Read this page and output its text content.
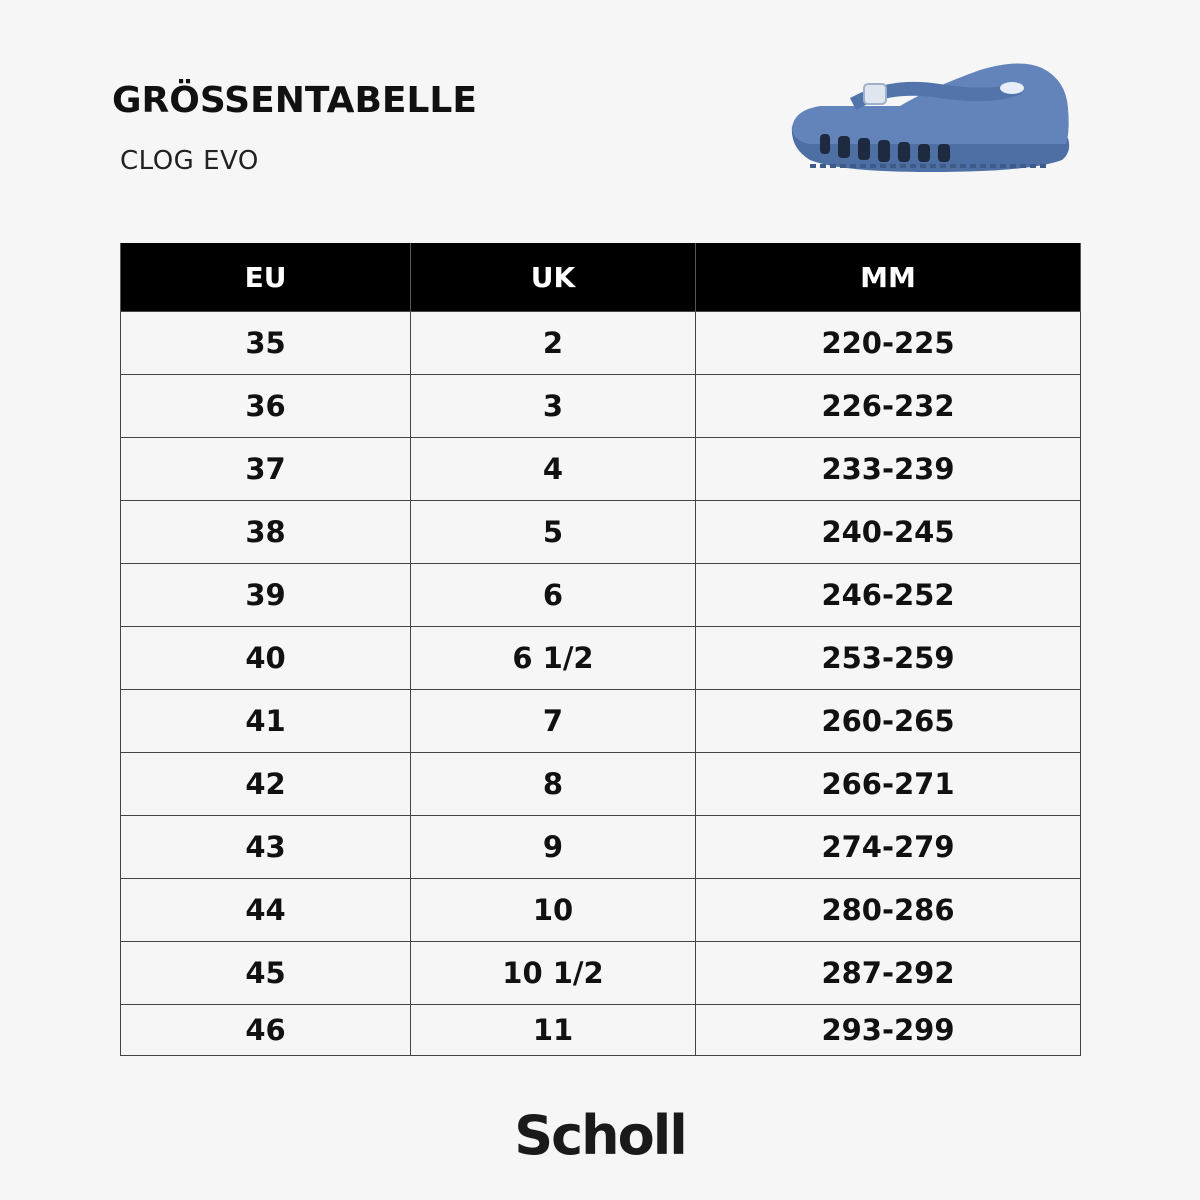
GRÖSSENTABELLE
CLOG EVO
EU	UK	MM
35	2	220-225
36	3	226-232
37	4	233-239
38	5	240-245
39	6	246-252
40	6 1/2	253-259
41	7	260-265
42	8	266-271
43	9	274-279
44	10	280-286
45	10 1/2	287-292
46	11	293-299
Scholl
